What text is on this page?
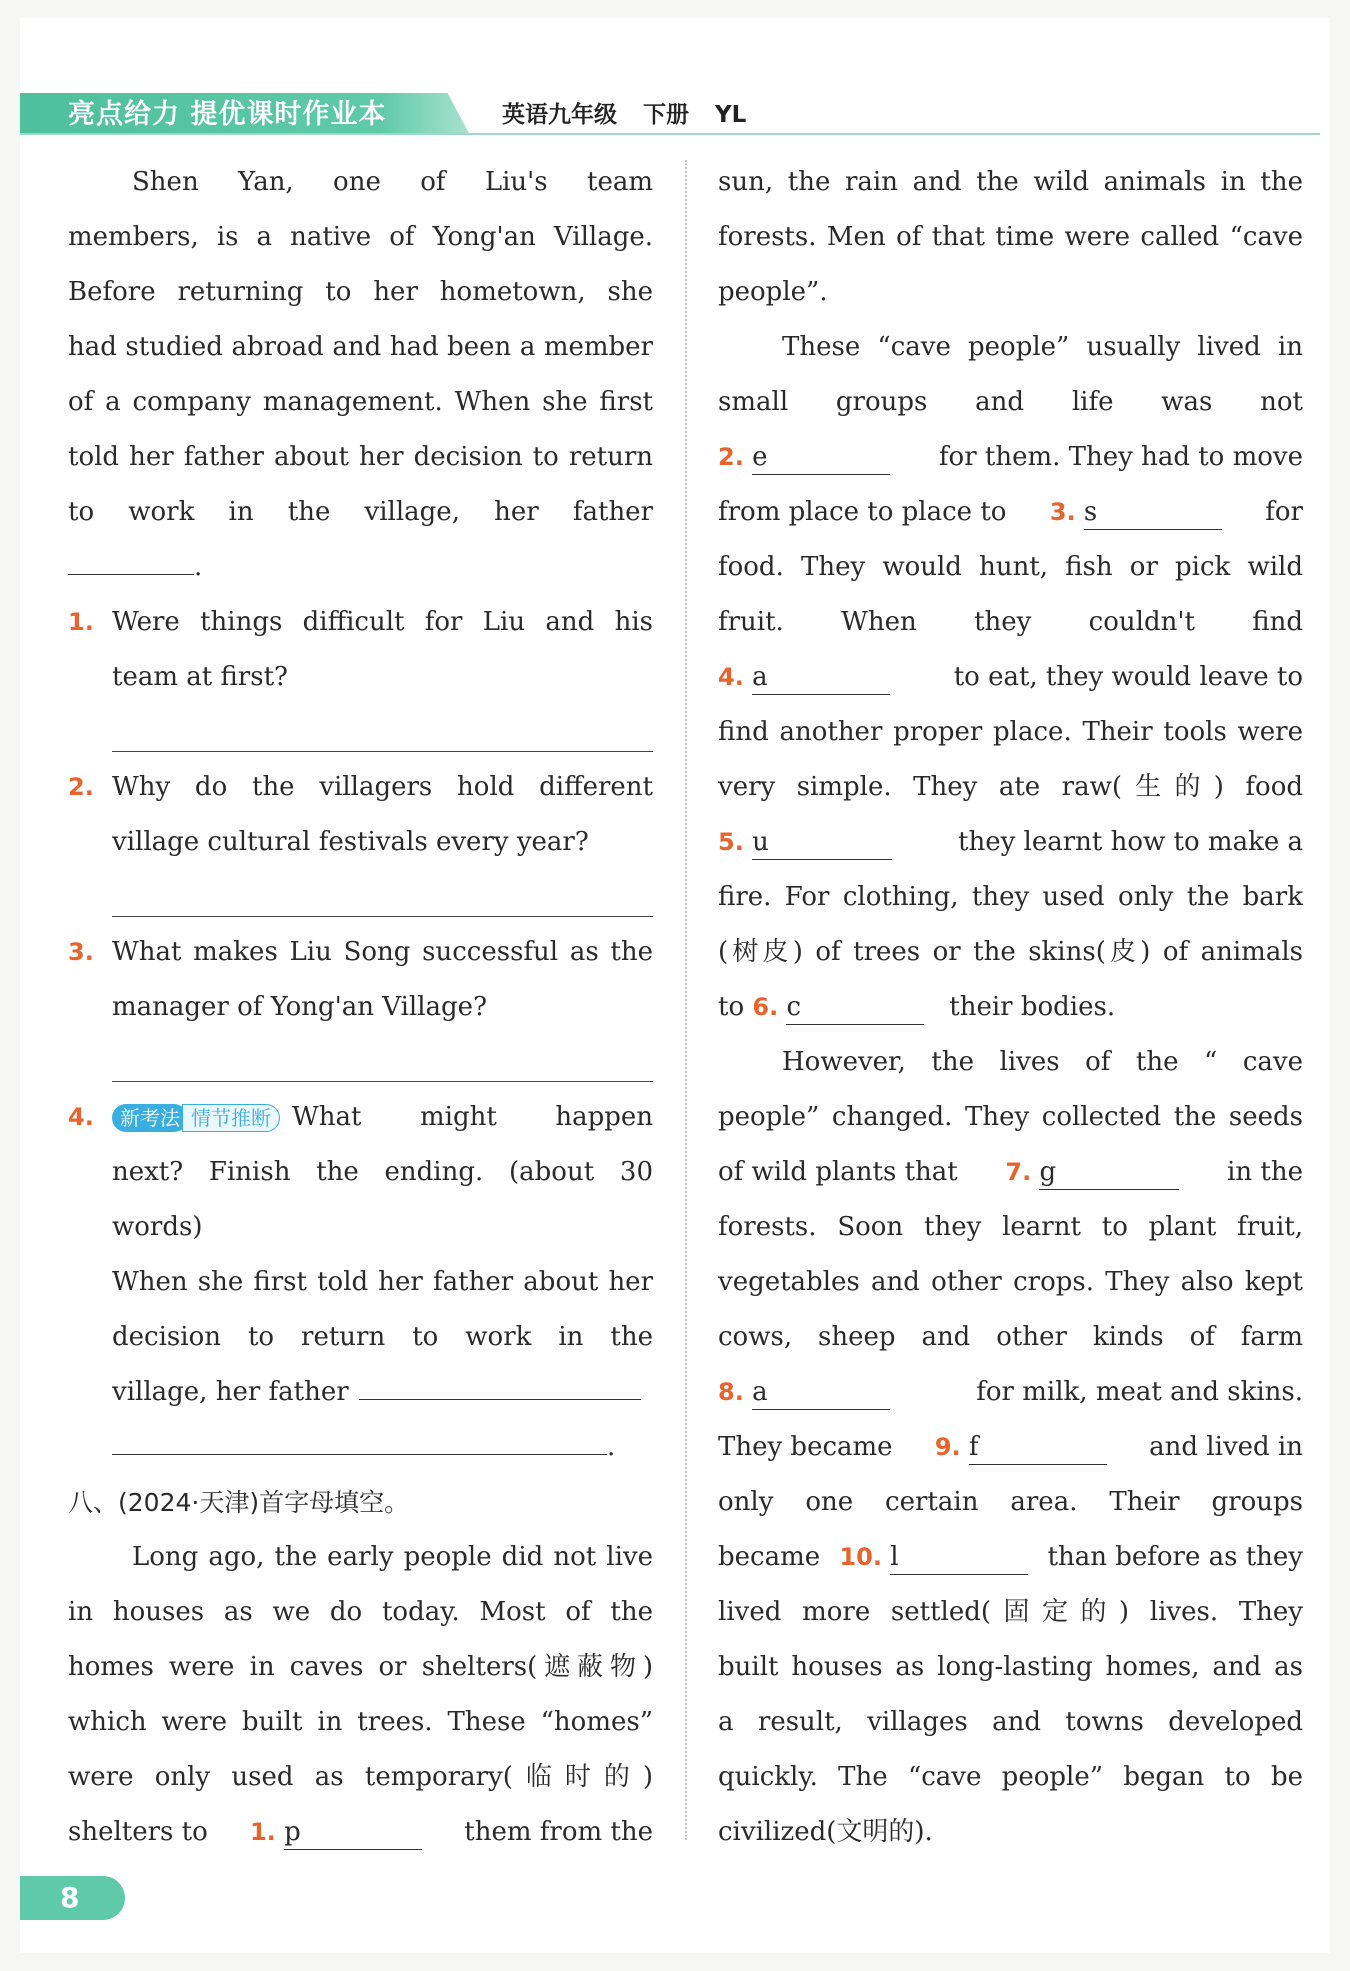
亮点给力 提优课时作业本	英语九年级 下册 YL
Shen Yan, one of Liu's team
members, is a native of Yong'an Village.
Before returning to her hometown, she
had studied abroad and had been a member
of a company management. When she first
told her father about her decision to return
to work in the village, her father
.
1. Were things difficult for Liu and his
team at first?
2. Why do the villagers hold different
village cultural festivals every year?
3. What makes Liu Song successful as the
manager of Yong'an Village?
4.	新考法 情节推断 What might happen
next? Finish the ending. (about 30
words)
When she first told her father about her
decision to return to work in the
village, her father
.
八、(2024·天津)首字母填空。
Long ago, the early people did not live
in houses as we do today. Most of the
homes were in caves or shelters(遮蔽物)
which were built in trees. These “homes”
were only used as temporary(临时的)
shelters to 1. p	them from the
sun, the rain and the wild animals in the
forests. Men of that time were called “cave
people”.
These “cave people” usually lived in
small groups and life was not
2. e	for them. They had to move
from place to place to 3. s	for
food. They would hunt, fish or pick wild
fruit. When they couldn't find
4. a	to eat, they would leave to
find another proper place. Their tools were
very simple. They ate raw(生的) food
5. u	they learnt how to make a
fire. For clothing, they used only the bark
(树皮) of trees or the skins(皮) of animals
to 6. c	their bodies.
However, the lives of the “ cave
people” changed. They collected the seeds
of wild plants that 7. g	in the
forests. Soon they learnt to plant fruit,
vegetables and other crops. They also kept
cows, sheep and other kinds of farm
8. a	for milk, meat and skins.
They became 9. f	and lived in
only one certain area. Their groups
became 10. l	than before as they
lived more settled(固定的) lives. They
built houses as long-lasting homes, and as
a result, villages and towns developed
quickly. The “cave people” began to be
civilized(文明的).
8
